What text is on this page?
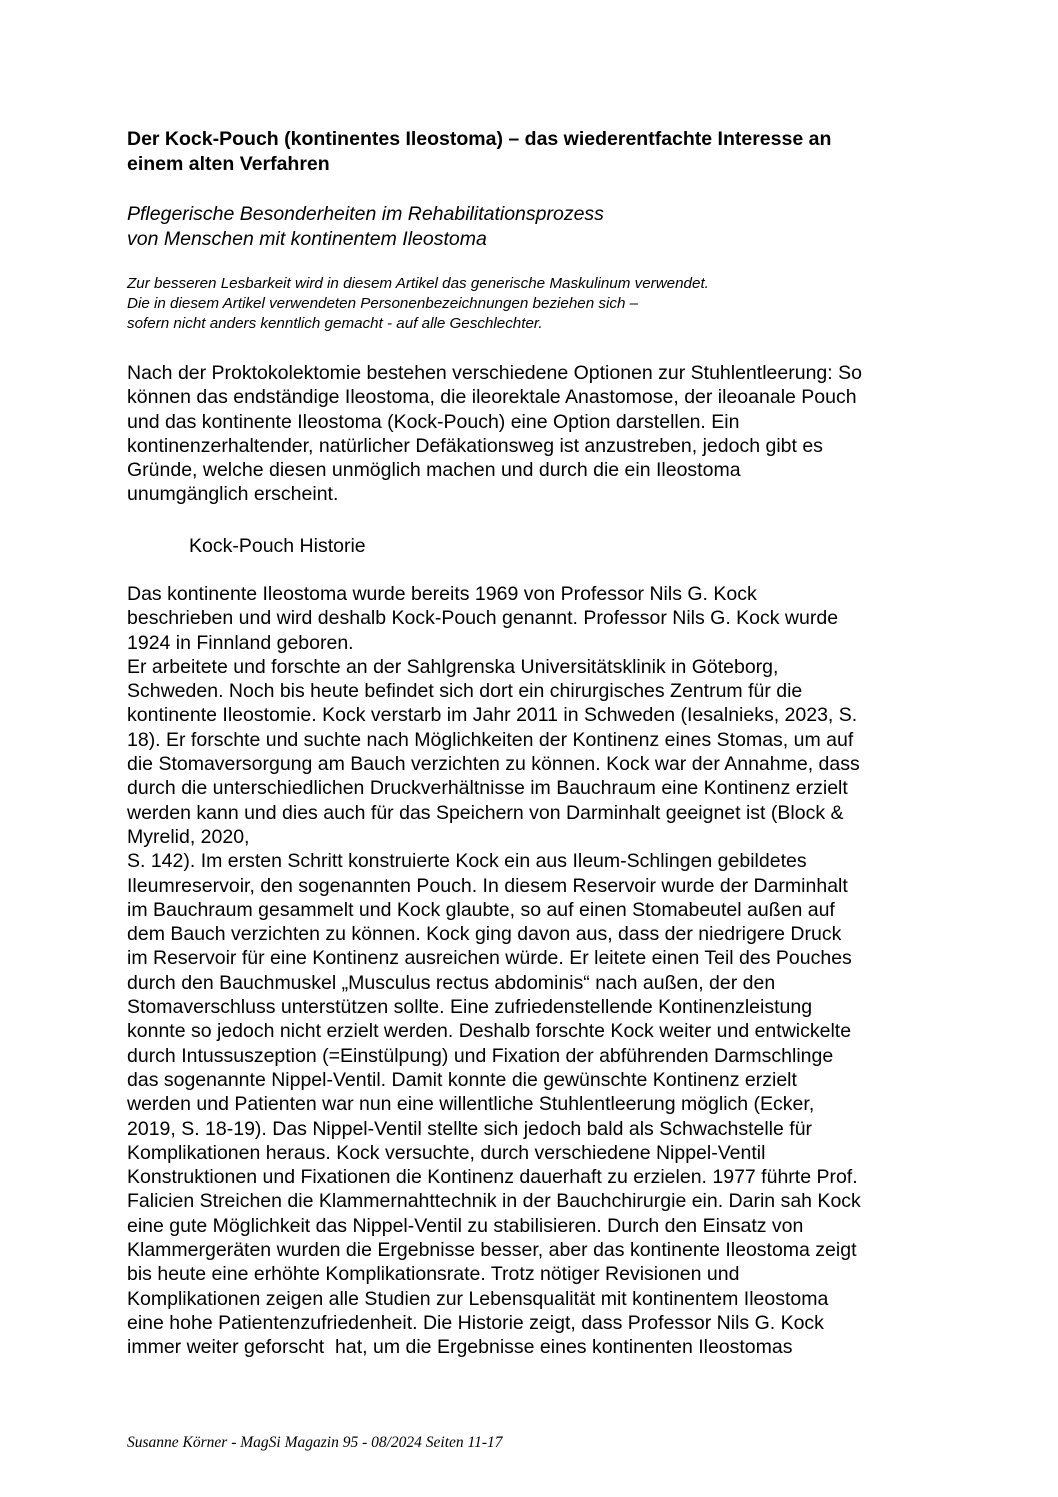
Der Kock-Pouch (kontinentes Ileostoma) – das wiederentfachte Interesse an
einem alten Verfahren
Pflegerische Besonderheiten im Rehabilitationsprozess
von Menschen mit kontinentem Ileostoma

Zur besseren Lesbarkeit wird in diesem Artikel das generische Maskulinum verwendet.
Die in diesem Artikel verwendeten Personenbezeichnungen beziehen sich –
sofern nicht anders kenntlich gemacht - auf alle Geschlechter.

Nach der Proktokolektomie bestehen verschiedene Optionen zur Stuhlentleerung: So
können das endständige Ileostoma, die ileorektale Anastomose, der ileoanale Pouch
und das kontinente Ileostoma (Kock-Pouch) eine Option darstellen. Ein
kontinenzerhaltender, natürlicher Defäkationsweg ist anzustreben, jedoch gibt es
Gründe, welche diesen unmöglich machen und durch die ein Ileostoma
unumgänglich erscheint.

Kock-Pouch Historie

Das kontinente Ileostoma wurde bereits 1969 von Professor Nils G. Kock
beschrieben und wird deshalb Kock-Pouch genannt. Professor Nils G. Kock wurde
1924 in Finnland geboren.
Er arbeitete und forschte an der Sahlgrenska Universitätsklinik in Göteborg,
Schweden. Noch bis heute befindet sich dort ein chirurgisches Zentrum für die
kontinente Ileostomie. Kock verstarb im Jahr 2011 in Schweden (Iesalnieks, 2023, S.
18). Er forschte und suchte nach Möglichkeiten der Kontinenz eines Stomas, um auf
die Stomaversorgung am Bauch verzichten zu können. Kock war der Annahme, dass
durch die unterschiedlichen Druckverhältnisse im Bauchraum eine Kontinenz erzielt
werden kann und dies auch für das Speichern von Darminhalt geeignet ist (Block &
Myrelid, 2020,
S. 142). Im ersten Schritt konstruierte Kock ein aus Ileum-Schlingen gebildetes
Ileumreservoir, den sogenannten Pouch. In diesem Reservoir wurde der Darminhalt
im Bauchraum gesammelt und Kock glaubte, so auf einen Stomabeutel außen auf
dem Bauch verzichten zu können. Kock ging davon aus, dass der niedrigere Druck
im Reservoir für eine Kontinenz ausreichen würde. Er leitete einen Teil des Pouches
durch den Bauchmuskel „Musculus rectus abdominis“ nach außen, der den
Stomaverschluss unterstützen sollte. Eine zufriedenstellende Kontinenzleistung
konnte so jedoch nicht erzielt werden. Deshalb forschte Kock weiter und entwickelte
durch Intussuszeption (=Einstülpung) und Fixation der abführenden Darmschlinge
das sogenannte Nippel-Ventil. Damit konnte die gewünschte Kontinenz erzielt
werden und Patienten war nun eine willentliche Stuhlentleerung möglich (Ecker,
2019, S. 18-19). Das Nippel-Ventil stellte sich jedoch bald als Schwachstelle für
Komplikationen heraus. Kock versuchte, durch verschiedene Nippel-Ventil
Konstruktionen und Fixationen die Kontinenz dauerhaft zu erzielen. 1977 führte Prof.
Falicien Streichen die Klammernahttechnik in der Bauchchirurgie ein. Darin sah Kock
eine gute Möglichkeit das Nippel-Ventil zu stabilisieren. Durch den Einsatz von
Klammergeräten wurden die Ergebnisse besser, aber das kontinente Ileostoma zeigt
bis heute eine erhöhte Komplikationsrate. Trotz nötiger Revisionen und
Komplikationen zeigen alle Studien zur Lebensqualität mit kontinentem Ileostoma
eine hohe Patientenzufriedenheit. Die Historie zeigt, dass Professor Nils G. Kock
immer weiter geforscht  hat, um die Ergebnisse eines kontinenten Ileostomas

Susanne Körner - MagSi Magazin 95 - 08/2024 Seiten 11-17
